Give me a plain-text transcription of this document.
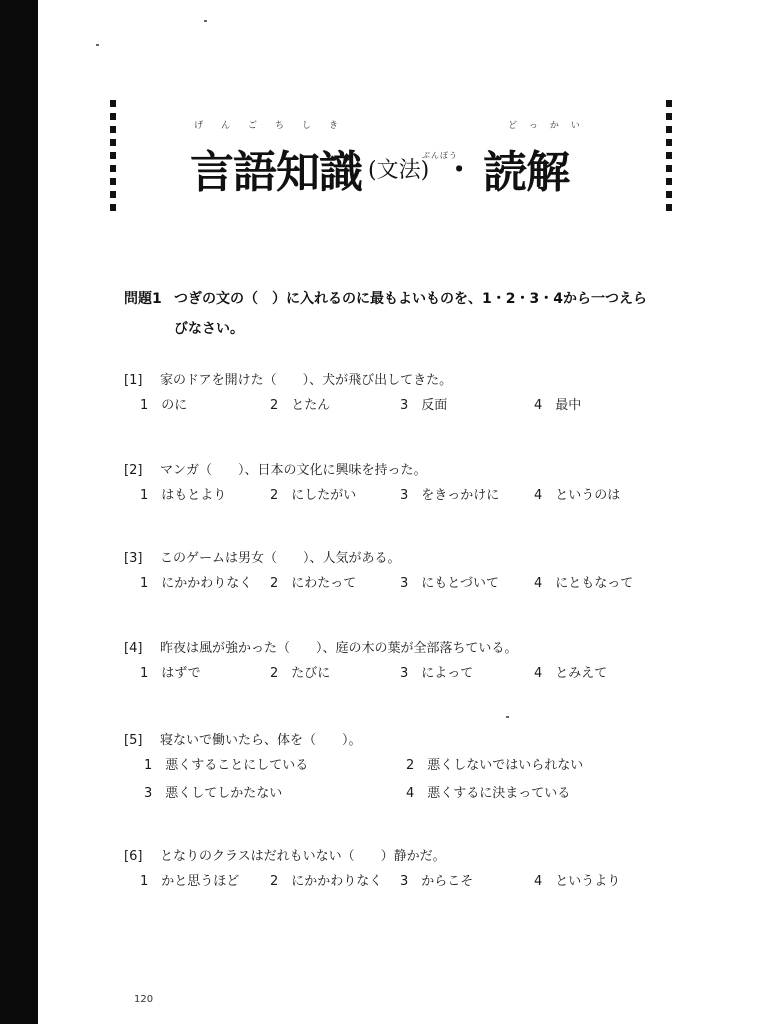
げんごちしき
ぶんぽう
どっかい
言語知識 (文法) ・ 読解
問題1 つぎの文の（　）に入れるのに最もよいものを、1・2・3・4から一つえら
びなさい。
[1] 家のドアを開けた（　　）、犬が飛び出してきた。
1　のに	2　とたん	3　反面	4　最中
[2] マンガ（　　）、日本の文化に興味を持った。
1　はもとより	2　にしたがい	3　をきっかけに	4　というのは
[3] このゲームは男女（　　）、人気がある。
1　にかかわりなく 2　にわたって	3　にもとづいて	4　にともなって
[4] 昨夜は風が強かった（　　）、庭の木の葉が全部落ちている。
1　はずで	2　たびに	3　によって	4　とみえて
[5] 寝ないで働いたら、体を（　　）。
1　悪くすることにしている	2　悪くしないではいられない
3　悪くしてしかたない	4　悪くするに決まっている
[6] となりのクラスはだれもいない（　　）静かだ。
1　かと思うほど 2　にかかわりなく 3　からこそ	4　というより
120
